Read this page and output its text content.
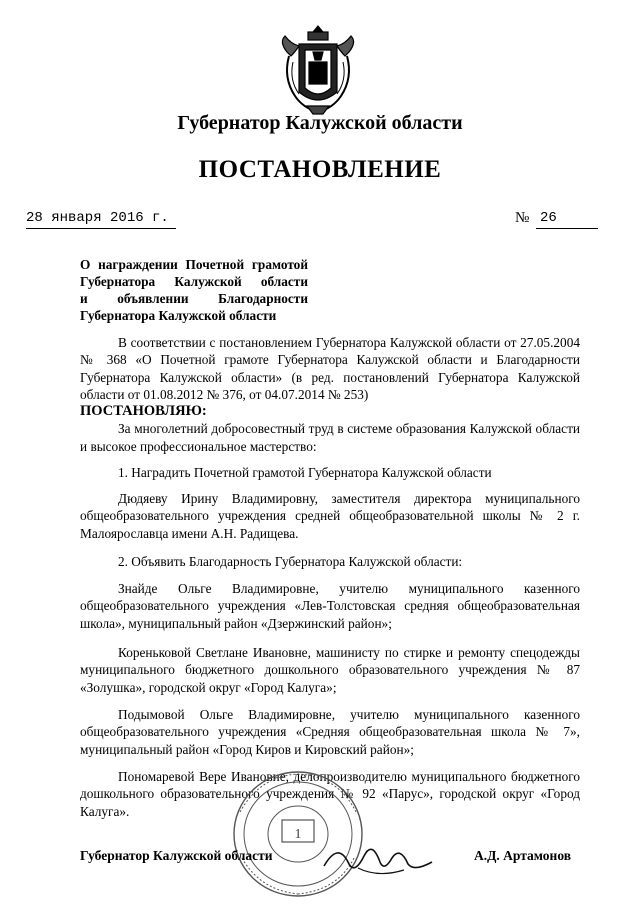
Губернатор Калужской области
ПОСТАНОВЛЕНИЕ
28 января 2016 г.	№ 26
О награждении Почетной грамотой
Губернатора Калужской области
и объявлении Благодарности
Губернатора Калужской области
В соответствии с постановлением Губернатора Калужской области от 27.05.2004 № 368 «О Почетной грамоте Губернатора Калужской области и Благодарности Губернатора Калужской области» (в ред. постановлений Губернатора Калужской области от 01.08.2012 № 376, от 04.07.2014 № 253)
ПОСТАНОВЛЯЮ:
За многолетний добросовестный труд в системе образования Калужской области и высокое профессиональное мастерство:
1. Наградить Почетной грамотой Губернатора Калужской области
Дюдяеву Ирину Владимировну, заместителя директора муниципального общеобразовательного учреждения средней общеобразовательной школы № 2 г. Малоярославца имени А.Н. Радищева.
2. Объявить Благодарность Губернатора Калужской области:
Знайде Ольге Владимировне, учителю муниципального казенного общеобразовательного учреждения «Лев-Толстовская средняя общеобразовательная школа», муниципальный район «Дзержинский район»;
Кореньковой Светлане Ивановне, машинисту по стирке и ремонту спецодежды муниципального бюджетного дошкольного образовательного учреждения № 87 «Золушка», городской округ «Город Калуга»;
Подымовой Ольге Владимировне, учителю муниципального казенного общеобразовательного учреждения «Средняя общеобразовательная школа № 7», муниципальный район «Город Киров и Кировский район»;
Пономаревой Вере Ивановне, делопроизводителю муниципального бюджетного дошкольного образовательного учреждения № 92 «Парус», городской округ «Город Калуга».
1
Губернатор Калужской области	А.Д. Артамонов
